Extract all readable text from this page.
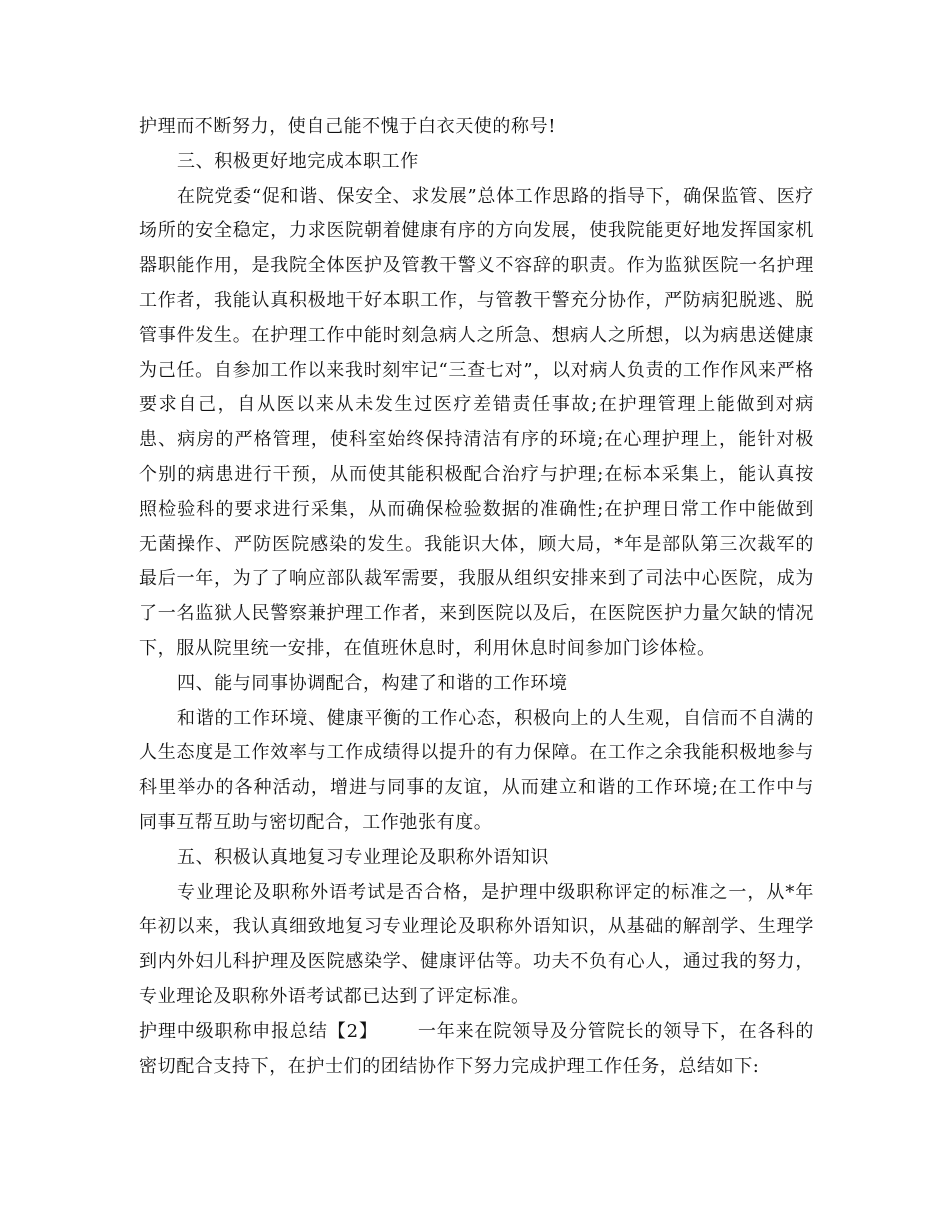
护理而不断努力，使自己能不愧于白衣天使的称号!

三、积极更好地完成本职工作

在院党委“促和谐、保安全、求发展”总体工作思路的指导下，确保监管、医疗场所的安全稳定，力求医院朝着健康有序的方向发展，使我院能更好地发挥国家机器职能作用，是我院全体医护及管教干警义不容辞的职责。作为监狱医院一名护理工作者，我能认真积极地干好本职工作，与管教干警充分协作，严防病犯脱逃、脱管事件发生。在护理工作中能时刻急病人之所急、想病人之所想，以为病患送健康为己任。自参加工作以来我时刻牢记“三查七对”，以对病人负责的工作作风来严格要求自己，自从医以来从未发生过医疗差错责任事故;在护理管理上能做到对病患、病房的严格管理，使科室始终保持清洁有序的环境;在心理护理上，能针对极个别的病患进行干预，从而使其能积极配合治疗与护理;在标本采集上，能认真按照检验科的要求进行采集，从而确保检验数据的准确性;在护理日常工作中能做到无菌操作、严防医院感染的发生。我能识大体，顾大局，*年是部队第三次裁军的最后一年，为了了响应部队裁军需要，我服从组织安排来到了司法中心医院，成为了一名监狱人民警察兼护理工作者，来到医院以及后，在医院医护力量欠缺的情况下，服从院里统一安排，在值班休息时，利用休息时间参加门诊体检。

四、能与同事协调配合，构建了和谐的工作环境

和谐的工作环境、健康平衡的工作心态，积极向上的人生观，自信而不自满的人生态度是工作效率与工作成绩得以提升的有力保障。在工作之余我能积极地参与科里举办的各种活动，增进与同事的友谊，从而建立和谐的工作环境;在工作中与同事互帮互助与密切配合，工作弛张有度。

五、积极认真地复习专业理论及职称外语知识

专业理论及职称外语考试是否合格，是护理中级职称评定的标准之一，从*年年初以来，我认真细致地复习专业理论及职称外语知识，从基础的解剖学、生理学到内外妇儿科护理及医院感染学、健康评估等。功夫不负有心人，通过我的努力，专业理论及职称外语考试都已达到了评定标准。

护理中级职称申报总结【2】 一年来在院领导及分管院长的领导下，在各科的密切配合支持下，在护士们的团结协作下努力完成护理工作任务，总结如下:
